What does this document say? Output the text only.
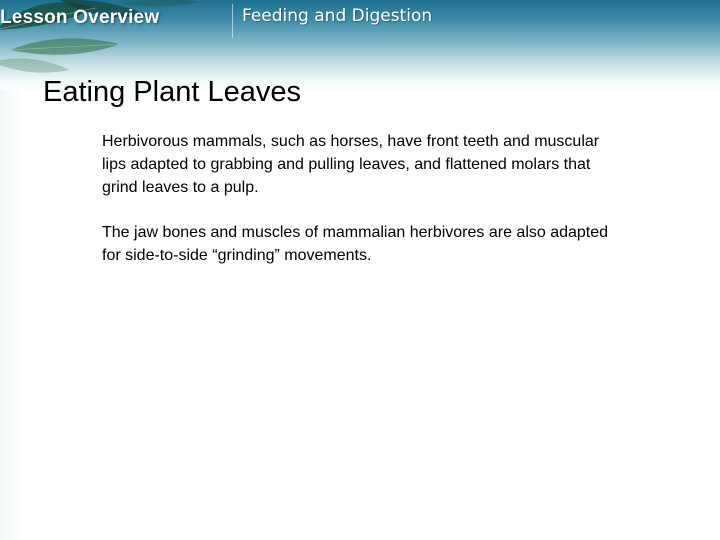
Lesson Overview	Feeding and Digestion
Eating Plant Leaves

Herbivorous mammals, such as horses, have front teeth and muscular lips adapted to grabbing and pulling leaves, and flattened molars that grind leaves to a pulp.

The jaw bones and muscles of mammalian herbivores are also adapted for side-to-side “grinding” movements.
